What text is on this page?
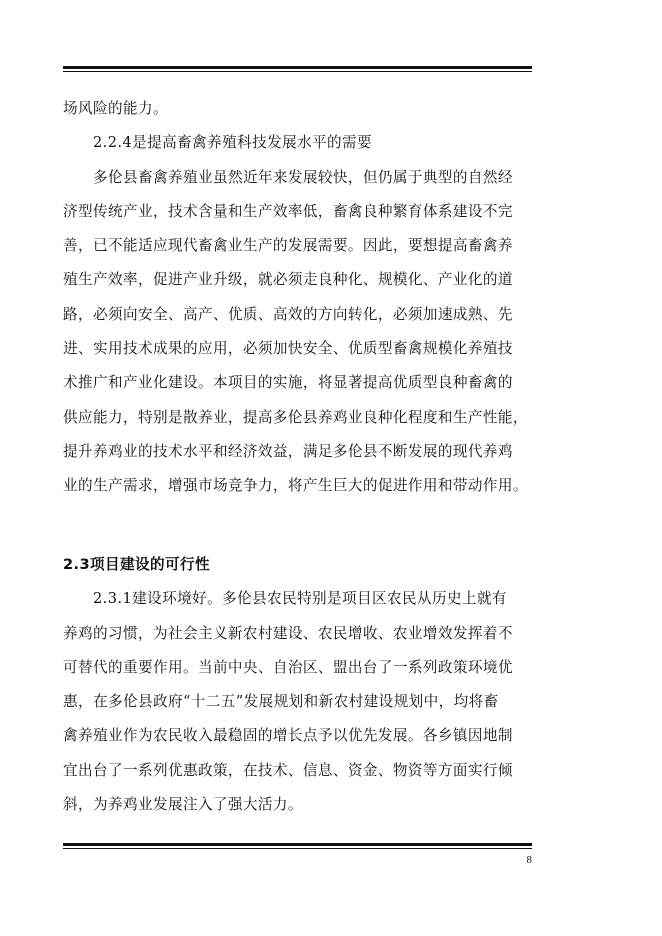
场风险的能力。
2.2.4是提高畜禽养殖科技发展水平的需要
多伦县畜禽养殖业虽然近年来发展较快，但仍属于典型的自然经
济型传统产业，技术含量和生产效率低，畜禽良种繁育体系建设不完
善，已不能适应现代畜禽业生产的发展需要。因此，要想提高畜禽养
殖生产效率，促进产业升级，就必须走良种化、规模化、产业化的道
路，必须向安全、高产、优质、高效的方向转化，必须加速成熟、先
进、实用技术成果的应用，必须加快安全、优质型畜禽规模化养殖技
术推广和产业化建设。本项目的实施，将显著提高优质型良种畜禽的
供应能力，特别是散养业，提高多伦县养鸡业良种化程度和生产性能，
提升养鸡业的技术水平和经济效益，满足多伦县不断发展的现代养鸡
业的生产需求，增强市场竞争力，将产生巨大的促进作用和带动作用。
2.3项目建设的可行性
2.3.1建设环境好。多伦县农民特别是项目区农民从历史上就有
养鸡的习惯，为社会主义新农村建设、农民增收、农业增效发挥着不
可替代的重要作用。当前中央、自治区、盟出台了一系列政策环境优
惠，在多伦县政府“十二五”发展规划和新农村建设规划中，均将畜
禽养殖业作为农民收入最稳固的增长点予以优先发展。各乡镇因地制
宜出台了一系列优惠政策，在技术、信息、资金、物资等方面实行倾
斜，为养鸡业发展注入了强大活力。
8
